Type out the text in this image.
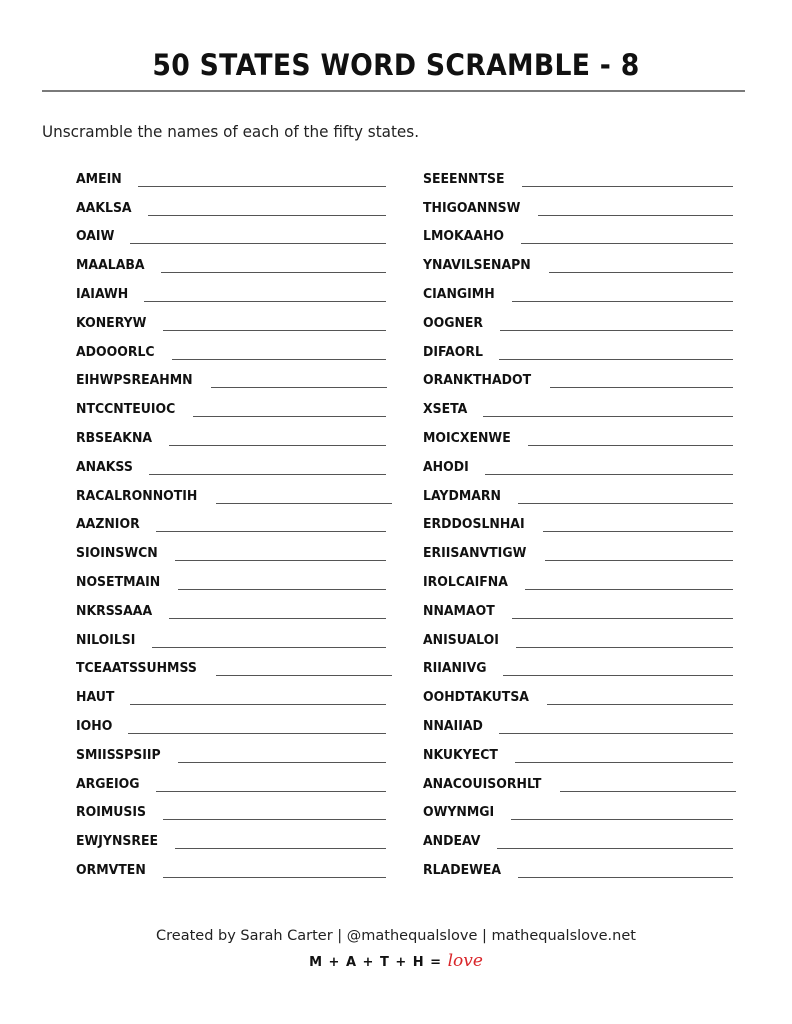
50 STATES WORD SCRAMBLE - 8
Unscramble the names of each of the fifty states.
AMEIN
AAKLSA
OAIW
MAALABA
IAIAWH
KONERYW
ADOOORLC
EIHWPSREAHMN
NTCCNTEUIOC
RBSEAKNA
ANAKSS
RACALRONNOTIH
AAZNIOR
SIOINSWCN
NOSETMAIN
NKRSSAAA
NILOILSI
TCEAATSSUHMSS
HAUT
IOHO
SMIISSPSIIP
ARGEIOG
ROIMUSIS
EWJYNSREE
ORMVTEN
SEEENNTSE
THIGOANNSW
LMOKAAHO
YNAVILSENAPN
CIANGIMH
OOGNER
DIFAORL
ORANKTHADOT
XSETA
MOICXENWE
AHODI
LAYDMARN
ERDDOSLNHAI
ERIISANVTIGW
IROLCAIFNA
NNAMAOT
ANISUALOI
RIIANIVG
OOHDTAKUTSA
NNAIIAD
NKUKYECT
ANACOUISORHLT
OWYNMGI
ANDEAV
RLADEWEA
Created by Sarah Carter | @mathequalslove | mathequalslove.net
M + A + T + H = love
